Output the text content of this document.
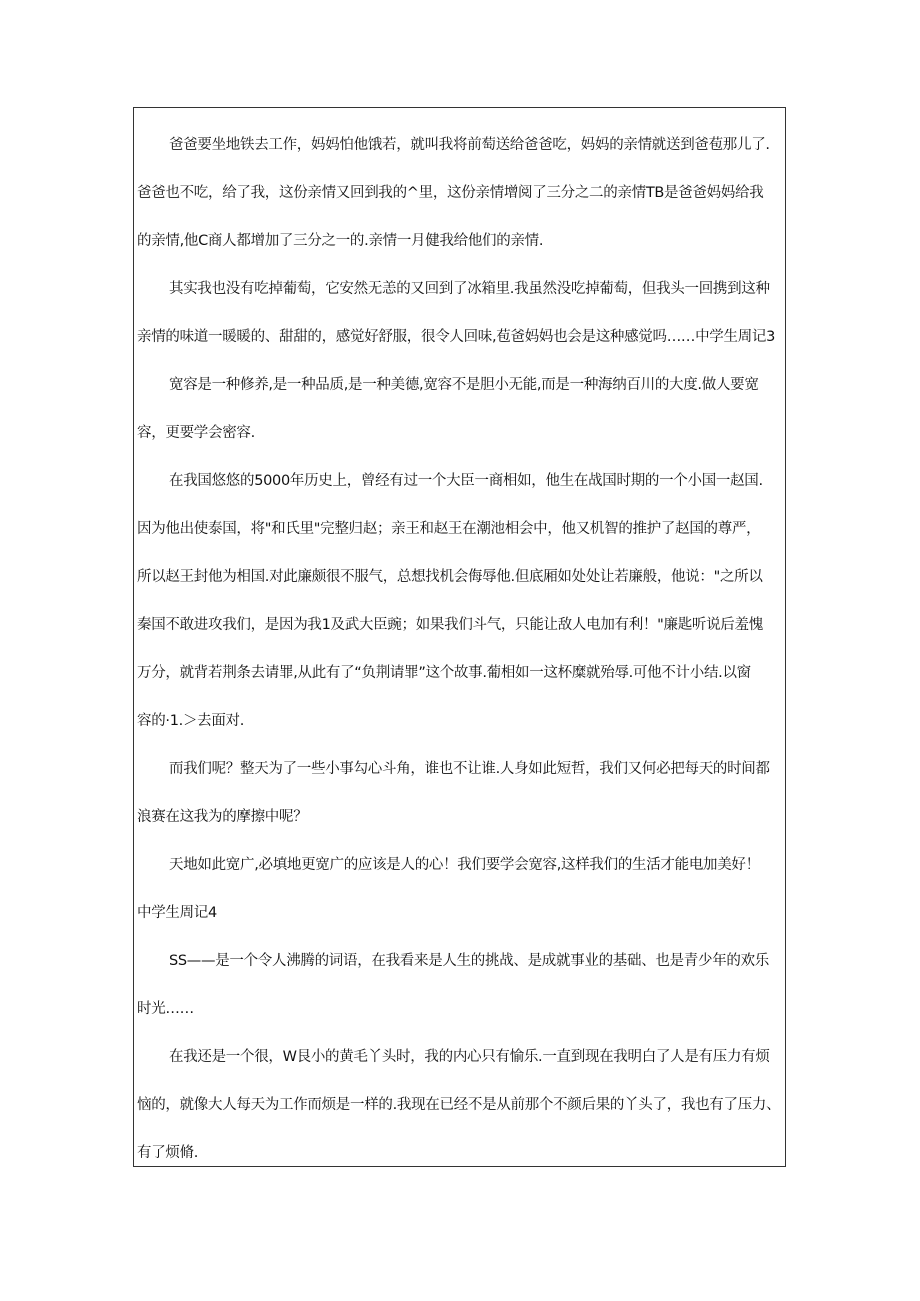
爸爸要坐地铁去工作，妈妈怕他饿若，就叫我将前萄送给爸爸吃，妈妈的亲情就送到爸苞那儿了.

爸爸也不吃，给了我，这份亲情又回到我的^里，这份亲情增阅了三分之二的亲情TB是爸爸妈妈给我

的亲情,他C商人都增加了三分之一的.亲情一月健我给他们的亲情.

其实我也没有吃掉葡萄，它安然无恙的又回到了冰箱里.我虽然没吃掉葡萄，但我头一回携到这种

亲情的味道一暖暖的、甜甜的，感觉好舒服，很令人回味,苞爸妈妈也会是这种感觉吗……中学生周记3

宽容是一种修养,是一种品质,是一种美德,宽容不是胆小无能,而是一种海纳百川的大度.做人要宽

容，更要学会密容.

在我国悠悠的5000年历史上，曾经有过一个大臣一商相如，他生在战国时期的一个小国一赵国.

因为他出使泰国，将"和氏里"完整归赵；亲王和赵王在潮池相会中，他又机智的推护了赵国的尊严，

所以赵王封他为相国.对此廉颇很不服气，总想找机会侮辱他.但底厢如处处让若廉般，他说："之所以

秦国不敢进攻我们，是因为我1及武大臣豌；如果我们斗气，只能让敌人电加有利！"廉匙听说后羞愧

万分，就背若荆条去请罪,从此有了“负荆请罪”这个故事.葡相如一这杯糜就殆辱.可他不计小结.以窗

容的·1.＞去面对.

而我们呢？整天为了一些小事勾心斗角，谁也不让谁.人身如此短哲，我们又何必把每天的时间都

浪赛在这我为的摩擦中呢？

天地如此宽广,必填地更宽广的应该是人的心！我们要学会宽容,这样我们的生活才能电加美好！

中学生周记4

SS——是一个令人沸腾的词语，在我看来是人生的挑战、是成就事业的基础、也是青少年的欢乐

时光……

在我还是一个很，W艮小的黄毛丫头时，我的内心只有愉乐.一直到现在我明白了人是有压力有烦

恼的，就像大人每天为工作而烦是一样的.我现在已经不是从前那个不颜后果的丫头了，我也有了压力、

有了烦脩.
